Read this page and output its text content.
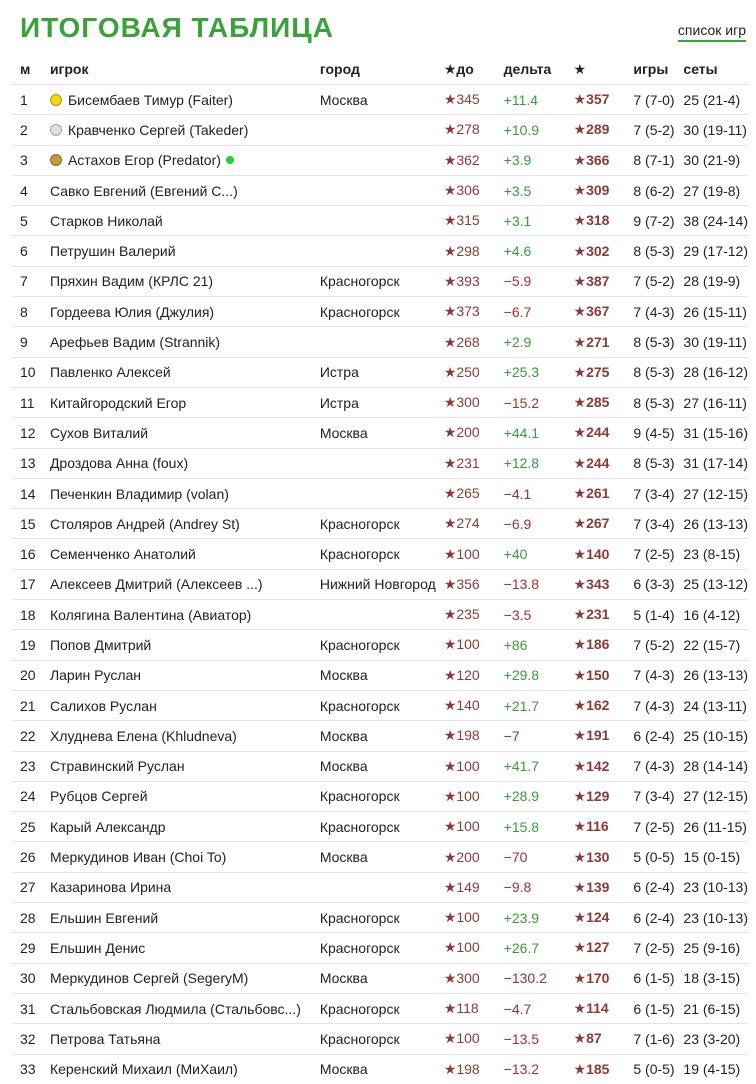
ИТОГОВАЯ ТАБЛИЦА	список игр
м	игрок	город	★до	дельта	★	игры	сеты
1	Бисембаев Тимур (Faiter)	Москва	★345	+11.4	★357	7 (7-0)	25 (21-4)
2	Кравченко Сергей (Takeder)		★278	+10.9	★289	7 (5-2)	30 (19-11)
3	Астахов Егор (Predator)		★362	+3.9	★366	8 (7-1)	30 (21-9)
4	Савко Евгений (Евгений С...)		★306	+3.5	★309	8 (6-2)	27 (19-8)
5	Старков Николай		★315	+3.1	★318	9 (7-2)	38 (24-14)
6	Петрушин Валерий		★298	+4.6	★302	8 (5-3)	29 (17-12)
7	Пряхин Вадим (КРЛС 21)	Красногорск	★393	−5.9	★387	7 (5-2)	28 (19-9)
8	Гордеева Юлия (Джулия)	Красногорск	★373	−6.7	★367	7 (4-3)	26 (15-11)
9	Арефьев Вадим (Strannik)		★268	+2.9	★271	8 (5-3)	30 (19-11)
10	Павленко Алексей	Истра	★250	+25.3	★275	8 (5-3)	28 (16-12)
11	Китайгородский Егор	Истра	★300	−15.2	★285	8 (5-3)	27 (16-11)
12	Сухов Виталий	Москва	★200	+44.1	★244	9 (4-5)	31 (15-16)
13	Дроздова Анна (foux)		★231	+12.8	★244	8 (5-3)	31 (17-14)
14	Печенкин Владимир (volan)		★265	−4.1	★261	7 (3-4)	27 (12-15)
15	Столяров Андрей (Andrey St)	Красногорск	★274	−6.9	★267	7 (3-4)	26 (13-13)
16	Семенченко Анатолий	Красногорск	★100	+40	★140	7 (2-5)	23 (8-15)
17	Алексеев Дмитрий (Алексеев ...)	Нижний Новгород	★356	−13.8	★343	6 (3-3)	25 (13-12)
18	Колягина Валентина (Авиатор)		★235	−3.5	★231	5 (1-4)	16 (4-12)
19	Попов Дмитрий	Красногорск	★100	+86	★186	7 (5-2)	22 (15-7)
20	Ларин Руслан	Москва	★120	+29.8	★150	7 (4-3)	26 (13-13)
21	Салихов Руслан	Красногорск	★140	+21.7	★162	7 (4-3)	24 (13-11)
22	Хлуднева Елена (Khludneva)	Москва	★198	−7	★191	6 (2-4)	25 (10-15)
23	Стравинский Руслан	Москва	★100	+41.7	★142	7 (4-3)	28 (14-14)
24	Рубцов Сергей	Красногорск	★100	+28.9	★129	7 (3-4)	27 (12-15)
25	Карый Александр	Красногорск	★100	+15.8	★116	7 (2-5)	26 (11-15)
26	Меркудинов Иван (Choi To)	Москва	★200	−70	★130	5 (0-5)	15 (0-15)
27	Казаринова Ирина		★149	−9.8	★139	6 (2-4)	23 (10-13)
28	Ельшин Евгений	Красногорск	★100	+23.9	★124	6 (2-4)	23 (10-13)
29	Ельшин Денис	Красногорск	★100	+26.7	★127	7 (2-5)	25 (9-16)
30	Меркудинов Сергей (SegeryM)	Москва	★300	−130.2	★170	6 (1-5)	18 (3-15)
31	Стальбовская Людмила (Стальбовс...)	Красногорск	★118	−4.7	★114	6 (1-5)	21 (6-15)
32	Петрова Татьяна	Красногорск	★100	−13.5	★87	7 (1-6)	23 (3-20)
33	Керенский Михаил (МиХаил)	Москва	★198	−13.2	★185	5 (0-5)	19 (4-15)
